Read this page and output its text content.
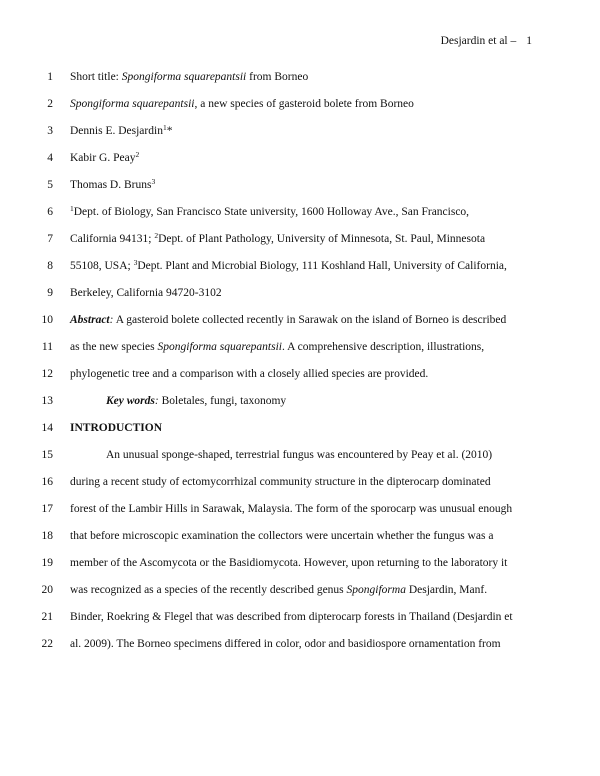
Desjardin et al – 1
1 Short title: Spongiforma squarepantsii from Borneo
2 Spongiforma squarepantsii, a new species of gasteroid bolete from Borneo
3 Dennis E. Desjardin$^1$*
4 Kabir G. Peay$^2$
5 Thomas D. Bruns$^3$
6 $^1$Dept. of Biology, San Francisco State university, 1600 Holloway Ave., San Francisco,
7 California 94131; $^2$Dept. of Plant Pathology, University of Minnesota, St. Paul, Minnesota
8 55108, USA; $^3$Dept. Plant and Microbial Biology, 111 Koshland Hall, University of California,
9 Berkeley, California 94720-3102
10 Abstract: A gasteroid bolete collected recently in Sarawak on the island of Borneo is described
11 as the new species Spongiforma squarepantsii. A comprehensive description, illustrations,
12 phylogenetic tree and a comparison with a closely allied species are provided.
13	Key words: Boletales, fungi, taxonomy
14 INTRODUCTION
15	An unusual sponge-shaped, terrestrial fungus was encountered by Peay et al. (2010)
16 during a recent study of ectomycorrhizal community structure in the dipterocarp dominated
17 forest of the Lambir Hills in Sarawak, Malaysia. The form of the sporocarp was unusual enough
18 that before microscopic examination the collectors were uncertain whether the fungus was a
19 member of the Ascomycota or the Basidiomycota. However, upon returning to the laboratory it
20 was recognized as a species of the recently described genus Spongiforma Desjardin, Manf.
21 Binder, Roekring & Flegel that was described from dipterocarp forests in Thailand (Desjardin et
22 al. 2009). The Borneo specimens differed in color, odor and basidiospore ornamentation from
